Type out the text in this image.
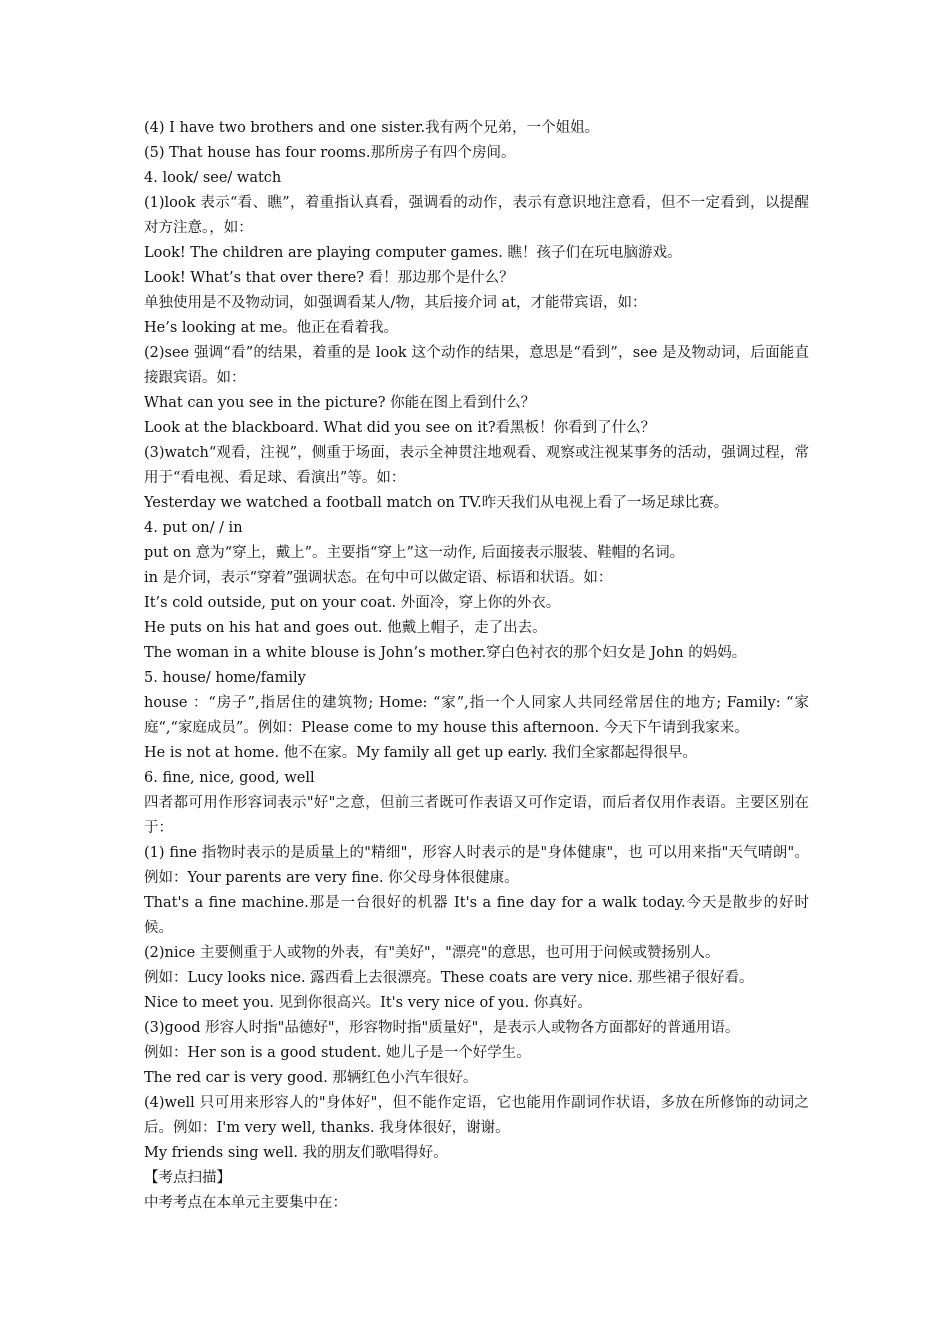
(4) I have two brothers and one sister.我有两个兄弟，一个姐姐。
(5) That house has four rooms.那所房子有四个房间。
4. look/ see/ watch
(1)look 表示“看、瞧”，着重指认真看，强调看的动作，表示有意识地注意看，但不一定看到，以提醒对方注意。，如：
Look! The children are playing computer games. 瞧！孩子们在玩电脑游戏。
Look! What’s that over there? 看！那边那个是什么？
单独使用是不及物动词，如强调看某人/物，其后接介词 at，才能带宾语，如：
He’s looking at me。他正在看着我。
(2)see 强调“看”的结果，着重的是 look 这个动作的结果，意思是“看到”，see 是及物动词，后面能直接跟宾语。如：
What can you see in the picture? 你能在图上看到什么？
Look at the blackboard. What did you see on it?看黑板！你看到了什么？
(3)watch“观看，注视”，侧重于场面，表示全神贯注地观看、观察或注视某事务的活动，强调过程，常用于“看电视、看足球、看演出”等。如：
Yesterday we watched a football match on TV.昨天我们从电视上看了一场足球比赛。
4. put on/ / in
put on 意为“穿上，戴上”。主要指“穿上”这一动作, 后面接表示服装、鞋帽的名词。
in 是介词，表示“穿着”强调状态。在句中可以做定语、标语和状语。如：
It’s cold outside, put on your coat. 外面冷，穿上你的外衣。
He puts on his hat and goes out. 他戴上帽子，走了出去。
The woman in a white blouse is John’s mother.穿白色衬衣的那个妇女是 John 的妈妈。
5. house/ home/family
house ：“房子”,指居住的建筑物; Home: “家”,指一个人同家人共同经常居住的地方; Family: “家庭“,“家庭成员”。例如：Please come to my house this afternoon. 今天下午请到我家来。
He is not at home. 他不在家。My family all get up early. 我们全家都起得很早。
6. fine, nice, good, well
四者都可用作形容词表示"好"之意，但前三者既可作表语又可作定语，而后者仅用作表语。主要区别在于：
(1) fine 指物时表示的是质量上的"精细"，形容人时表示的是"身体健康"，也 可以用来指"天气晴朗"。例如：Your parents are very fine. 你父母身体很健康。
That's a fine machine.那是一台很好的机器 It's a fine day for a walk today.今天是散步的好时候。
(2)nice 主要侧重于人或物的外表，有"美好"，"漂亮"的意思，也可用于问候或赞扬别人。
例如：Lucy looks nice. 露西看上去很漂亮。These coats are very nice. 那些裙子很好看。
Nice to meet you. 见到你很高兴。It's very nice of you. 你真好。
(3)good 形容人时指"品德好"，形容物时指"质量好"，是表示人或物各方面都好的普通用语。
例如：Her son is a good student. 她儿子是一个好学生。
The red car is very good. 那辆红色小汽车很好。
(4)well 只可用来形容人的"身体好"，但不能作定语，它也能用作副词作状语，多放在所修饰的动词之后。例如：I'm very well, thanks. 我身体很好，谢谢。
My friends sing well. 我的朋友们歌唱得好。
【考点扫描】
中考考点在本单元主要集中在：
